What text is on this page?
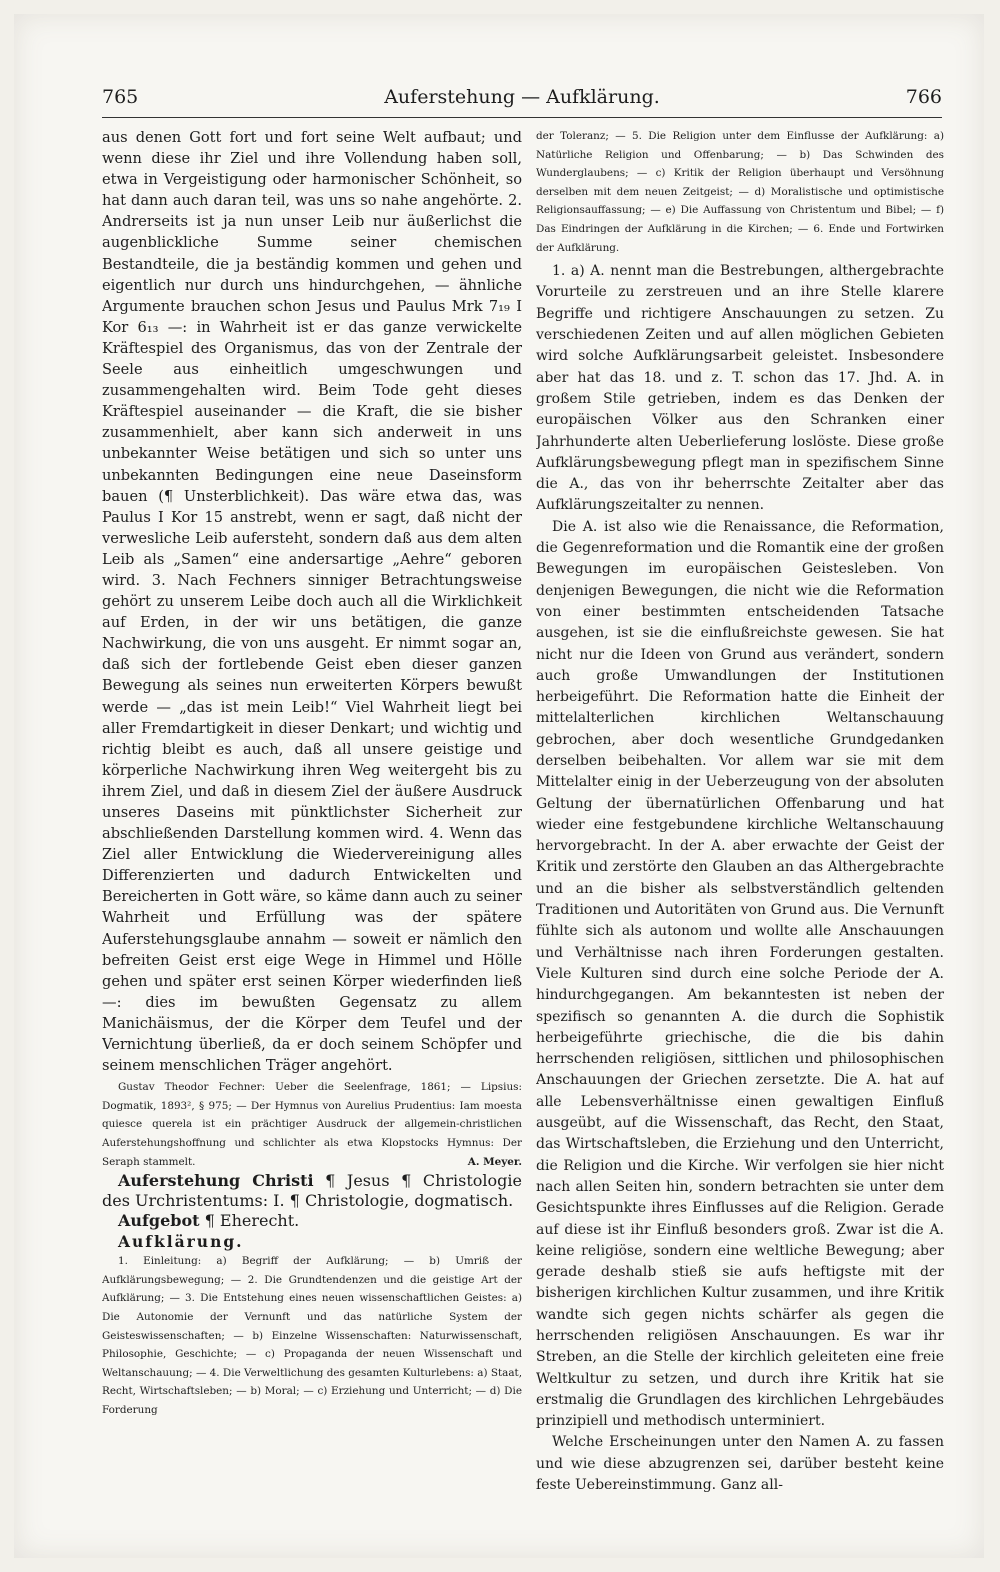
765	Auferstehung — Aufklärung.	766

aus denen Gott fort und fort seine Welt aufbaut; und wenn diese ihr Ziel und ihre Vollendung haben soll, etwa in Vergeistigung oder harmonischer Schönheit, so hat dann auch daran teil, was uns so nahe angehörte. 2. Andrerseits ist ja nun unser Leib nur äußerlichst die augenblickliche Summe seiner chemischen Bestandteile, die ja beständig kommen und gehen und eigentlich nur durch uns hindurchgehen, — ähnliche Argumente brauchen schon Jesus und Paulus Mrk 7₁₉ I Kor 6₁₃ —: in Wahrheit ist er das ganze verwickelte Kräftespiel des Organismus, das von der Zentrale der Seele aus einheitlich umgeschwungen und zusammengehalten wird. Beim Tode geht dieses Kräftespiel auseinander — die Kraft, die sie bisher zusammenhielt, aber kann sich anderweit in uns unbekannter Weise betätigen und sich so unter uns unbekannten Bedingungen eine neue Daseinsform bauen (¶ Unsterblichkeit). Das wäre etwa das, was Paulus I Kor 15 anstrebt, wenn er sagt, daß nicht der verwesliche Leib aufersteht, sondern daß aus dem alten Leib als „Samen“ eine andersartige „Aehre“ geboren wird. 3. Nach Fechners sinniger Betrachtungsweise gehört zu unserem Leibe doch auch all die Wirklichkeit auf Erden, in der wir uns betätigen, die ganze Nachwirkung, die von uns ausgeht. Er nimmt sogar an, daß sich der fortlebende Geist eben dieser ganzen Bewegung als seines nun erweiterten Körpers bewußt werde — „das ist mein Leib!“ Viel Wahrheit liegt bei aller Fremdartigkeit in dieser Denkart; und wichtig und richtig bleibt es auch, daß all unsere geistige und körperliche Nachwirkung ihren Weg weitergeht bis zu ihrem Ziel, und daß in diesem Ziel der äußere Ausdruck unseres Daseins mit pünktlichster Sicherheit zur abschließenden Darstellung kommen wird. 4. Wenn das Ziel aller Entwicklung die Wiedervereinigung alles Differenzierten und dadurch Entwickelten und Bereicherten in Gott wäre, so käme dann auch zu seiner Wahrheit und Erfüllung was der spätere Auferstehungsglaube annahm — soweit er nämlich den befreiten Geist erst eige Wege in Himmel und Hölle gehen und später erst seinen Körper wiederfinden ließ —: dies im bewußten Gegensatz zu allem Manichäismus, der die Körper dem Teufel und der Vernichtung überließ, da er doch seinem Schöpfer und seinem menschlichen Träger angehört.

Gustav Theodor Fechner: Ueber die Seelenfrage, 1861; — Lipsius: Dogmatik, 1893², § 975; — Der Hymnus von Aurelius Prudentius: Iam moesta quiesce querela ist ein prächtiger Ausdruck der allgemein-christlichen Auferstehungshoffnung und schlichter als etwa Klopstocks Hymnus: Der Seraph stammelt.	A. Meyer.

Auferstehung Christi ¶ Jesus ¶ Christologie des Urchristentums: I. ¶ Christologie, dogmatisch.

Aufgebot ¶ Eherecht.

Aufklärung.

1. Einleitung: a) Begriff der Aufklärung; — b) Umriß der Aufklärungsbewegung; — 2. Die Grundtendenzen und die geistige Art der Aufklärung; — 3. Die Entstehung eines neuen wissenschaftlichen Geistes: a) Die Autonomie der Vernunft und das natürliche System der Geisteswissenschaften; — b) Einzelne Wissenschaften: Naturwissenschaft, Philosophie, Geschichte; — c) Propaganda der neuen Wissenschaft und Weltanschauung; — 4. Die Verweltlichung des gesamten Kulturlebens: a) Staat, Recht, Wirtschaftsleben; — b) Moral; — c) Erziehung und Unterricht; — d) Die Forderung

der Toleranz; — 5. Die Religion unter dem Einflusse der Aufklärung: a) Natürliche Religion und Offenbarung; — b) Das Schwinden des Wunderglaubens; — c) Kritik der Religion überhaupt und Versöhnung derselben mit dem neuen Zeitgeist; — d) Moralistische und optimistische Religionsauffassung; — e) Die Auffassung von Christentum und Bibel; — f) Das Eindringen der Aufklärung in die Kirchen; — 6. Ende und Fortwirken der Aufklärung.

1. a) A. nennt man die Bestrebungen, althergebrachte Vorurteile zu zerstreuen und an ihre Stelle klarere Begriffe und richtigere Anschauungen zu setzen. Zu verschiedenen Zeiten und auf allen möglichen Gebieten wird solche Aufklärungsarbeit geleistet. Insbesondere aber hat das 18. und z. T. schon das 17. Jhd. A. in großem Stile getrieben, indem es das Denken der europäischen Völker aus den Schranken einer Jahrhunderte alten Ueberlieferung loslöste. Diese große Aufklärungsbewegung pflegt man in spezifischem Sinne die A., das von ihr beherrschte Zeitalter aber das Aufklärungszeitalter zu nennen.

Die A. ist also wie die Renaissance, die Reformation, die Gegenreformation und die Romantik eine der großen Bewegungen im europäischen Geistesleben. Von denjenigen Bewegungen, die nicht wie die Reformation von einer bestimmten entscheidenden Tatsache ausgehen, ist sie die einflußreichste gewesen. Sie hat nicht nur die Ideen von Grund aus verändert, sondern auch große Umwandlungen der Institutionen herbeigeführt. Die Reformation hatte die Einheit der mittelalterlichen kirchlichen Weltanschauung gebrochen, aber doch wesentliche Grundgedanken derselben beibehalten. Vor allem war sie mit dem Mittelalter einig in der Ueberzeugung von der absoluten Geltung der übernatürlichen Offenbarung und hat wieder eine festgebundene kirchliche Weltanschauung hervorgebracht. In der A. aber erwachte der Geist der Kritik und zerstörte den Glauben an das Althergebrachte und an die bisher als selbstverständlich geltenden Traditionen und Autoritäten von Grund aus. Die Vernunft fühlte sich als autonom und wollte alle Anschauungen und Verhältnisse nach ihren Forderungen gestalten. Viele Kulturen sind durch eine solche Periode der A. hindurchgegangen. Am bekanntesten ist neben der spezifisch so genannten A. die durch die Sophistik herbeigeführte griechische, die die bis dahin herrschenden religiösen, sittlichen und philosophischen Anschauungen der Griechen zersetzte. Die A. hat auf alle Lebensverhältnisse einen gewaltigen Einfluß ausgeübt, auf die Wissenschaft, das Recht, den Staat, das Wirtschaftsleben, die Erziehung und den Unterricht, die Religion und die Kirche. Wir verfolgen sie hier nicht nach allen Seiten hin, sondern betrachten sie unter dem Gesichtspunkte ihres Einflusses auf die Religion. Gerade auf diese ist ihr Einfluß besonders groß. Zwar ist die A. keine religiöse, sondern eine weltliche Bewegung; aber gerade deshalb stieß sie aufs heftigste mit der bisherigen kirchlichen Kultur zusammen, und ihre Kritik wandte sich gegen nichts schärfer als gegen die herrschenden religiösen Anschauungen. Es war ihr Streben, an die Stelle der kirchlich geleiteten eine freie Weltkultur zu setzen, und durch ihre Kritik hat sie erstmalig die Grundlagen des kirchlichen Lehrgebäudes prinzipiell und methodisch unterminiert.

Welche Erscheinungen unter den Namen A. zu fassen und wie diese abzugrenzen sei, darüber besteht keine feste Uebereinstimmung. Ganz all-
